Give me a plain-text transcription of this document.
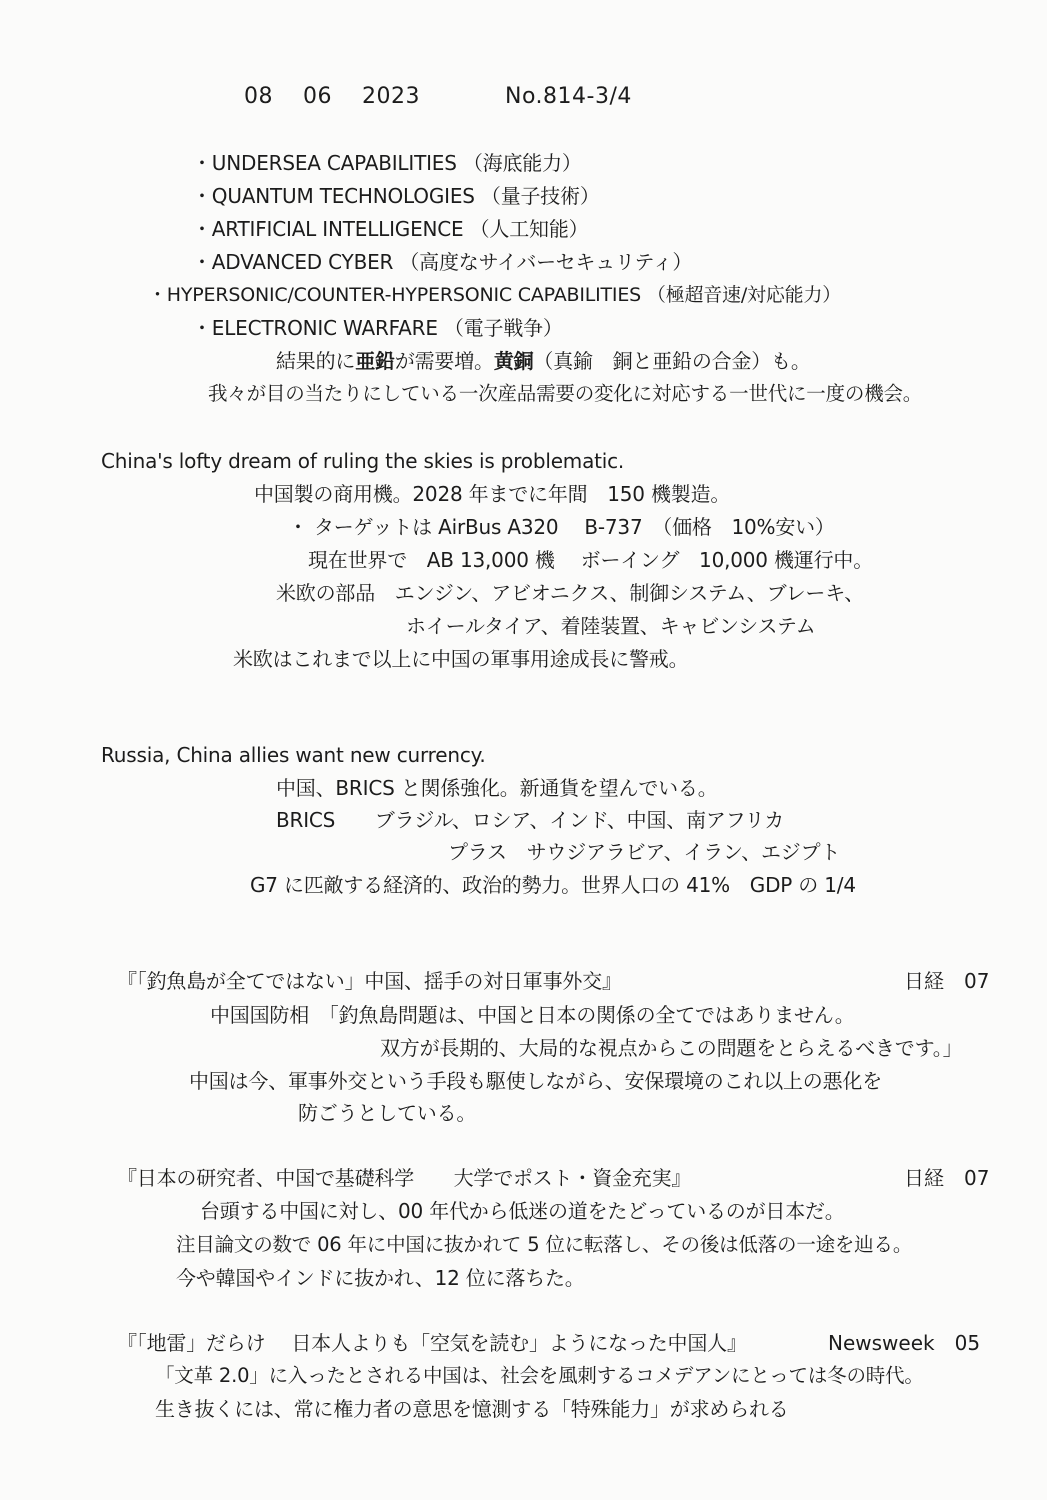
08 06 2023	No.814-3/4
・UNDERSEA CAPABILITIES （海底能力）
・QUANTUM TECHNOLOGIES （量子技術）
・ARTIFICIAL INTELLIGENCE （人工知能）
・ADVANCED CYBER （高度なサイバーセキュリティ）
・HYPERSONIC/COUNTER-HYPERSONIC CAPABILITIES （極超音速/対応能力）
・ELECTRONIC WARFARE （電子戦争）
結果的に亜鉛が需要増。黄銅（真鍮　銅と亜鉛の合金）も。
我々が目の当たりにしている一次産品需要の変化に対応する一世代に一度の機会。
China's lofty dream of ruling the skies is problematic.
中国製の商用機。2028 年までに年間　150 機製造。
・ ターゲットは AirBus A320　 B-737　（価格　10%安い）
現在世界で　AB 13,000 機　 ボーイング　10,000 機運行中。
米欧の部品　エンジン、アビオニクス、制御システム、ブレーキ、
ホイールタイア、着陸装置、キャビンシステム
米欧はこれまで以上に中国の軍事用途成長に警戒。
Russia, China allies want new currency.
中国、BRICS と関係強化。新通貨を望んでいる。
BRICS　　ブラジル、ロシア、インド、中国、南アフリカ
プラス　サウジアラビア、イラン、エジプト
G7 に匹敵する経済的、政治的勢力。世界人口の 41%　GDP の 1/4
『「釣魚島が全てではない」中国、揺手の対日軍事外交』	日経　07
中国国防相　「釣魚島問題は、中国と日本の関係の全てではありません。
双方が長期的、大局的な視点からこの問題をとらえるべきです。」
中国は今、軍事外交という手段も駆使しながら、安保環境のこれ以上の悪化を
防ごうとしている。
『日本の研究者、中国で基礎科学　　大学でポスト・資金充実』	日経　07
台頭する中国に対し、00 年代から低迷の道をたどっているのが日本だ。
注目論文の数で 06 年に中国に抜かれて 5 位に転落し、その後は低落の一途を辿る。
今や韓国やインドに抜かれ、12 位に落ちた。
『「地雷」だらけ　 日本人よりも「空気を読む」ようになった中国人』	Newsweek　05
「文革 2.0」に入ったとされる中国は、社会を風刺するコメデアンにとっては冬の時代。
生き抜くには、常に権力者の意思を憶測する「特殊能力」が求められる
